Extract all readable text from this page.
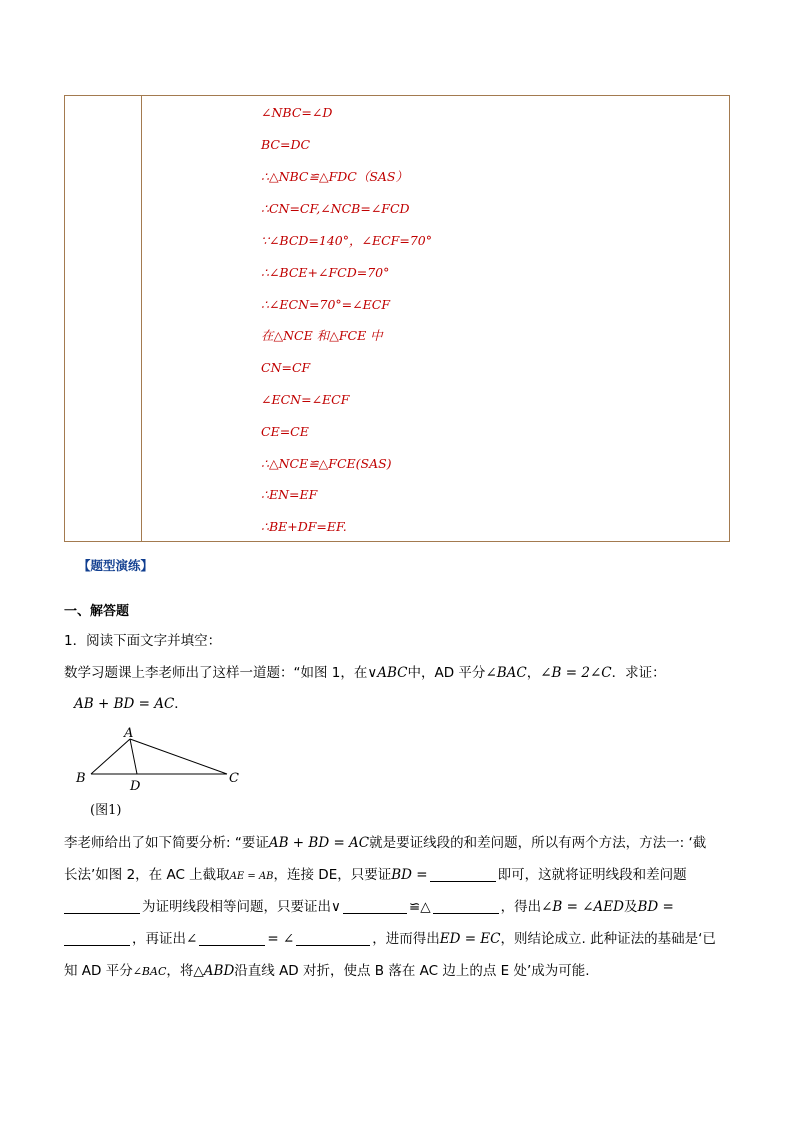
∠NBC=∠D
BC=DC
∴△NBC≌△FDC（SAS）
∴CN=CF,∠NCB=∠FCD
∵∠BCD=140°，∠ECF=70°
∴∠BCE+∠FCD=70°
∴∠ECN=70°=∠ECF
在△NCE 和△FCE 中
CN=CF
∠ECN=∠ECF
CE=CE
∴△NCE≌△FCE(SAS)
∴EN=EF
∴BE+DF=EF.
【题型演练】
一、解答题
1．阅读下面文字并填空：
数学习题课上李老师出了这样一道题：“如图 1，在∨ABC中，AD 平分∠BAC，∠B = 2∠C．求证：
AB + BD = AC．
A
B	C
D
(图1)
李老师给出了如下简要分析: “要证AB + BD = AC就是要证线段的和差问题，所以有两个方法，方法一: ‘截
长法’如图 2，在 AC 上截取AE = AB，连接 DE，只要证BD =	即可，这就将证明线段和差问题
为证明线段相等问题，只要证出∨	≌△	，得出∠B = ∠AED及BD =
，再证出∠	= ∠	，进而得出ED = EC，则结论成立. 此种证法的基础是‘已
知 AD 平分∠BAC，将△ABD沿直线 AD 对折，使点 B 落在 AC 边上的点 E 处’成为可能.
